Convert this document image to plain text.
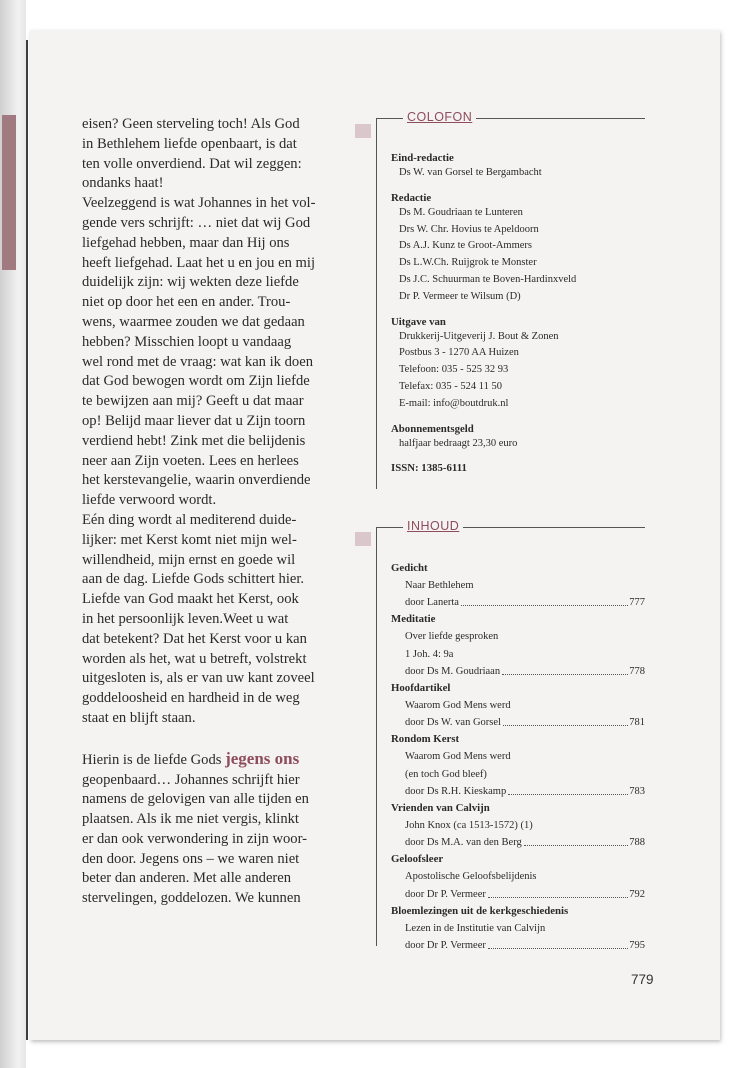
eisen? Geen sterveling toch! Als God
in Bethlehem liefde openbaart, is dat
ten volle onverdiend. Dat wil zeggen:
ondanks haat!
Veelzeggend is wat Johannes in het vol-
gende vers schrijft: … niet dat wij God
liefgehad hebben, maar dan Hij ons
heeft liefgehad. Laat het u en jou en mij
duidelijk zijn: wij wekten deze liefde
niet op door het een en ander. Trou-
wens, waarmee zouden we dat gedaan
hebben? Misschien loopt u vandaag
wel rond met de vraag: wat kan ik doen
dat God bewogen wordt om Zijn liefde
te bewijzen aan mij? Geeft u dat maar
op! Belijd maar liever dat u Zijn toorn
verdiend hebt! Zink met die belijdenis
neer aan Zijn voeten. Lees en herlees
het kerstevangelie, waarin onverdiende
liefde verwoord wordt.
Eén ding wordt al mediterend duide-
lijker: met Kerst komt niet mijn wel-
willendheid, mijn ernst en goede wil
aan de dag. Liefde Gods schittert hier.
Liefde van God maakt het Kerst, ook
in het persoonlijk leven.Weet u wat
dat betekent? Dat het Kerst voor u kan
worden als het, wat u betreft, volstrekt
uitgesloten is, als er van uw kant zoveel
goddeloosheid en hardheid in de weg
staat en blijft staan.
Hierin is de liefde Gods jegens ons
geopenbaard… Johannes schrijft hier
namens de gelovigen van alle tijden en
plaatsen. Als ik me niet vergis, klinkt
er dan ook verwondering in zijn woor-
den door. Jegens ons – we waren niet
beter dan anderen. Met alle anderen
stervelingen, goddelozen. We kunnen
COLOFON
Eind-redactie
Ds W. van Gorsel te Bergambacht
Redactie
Ds M. Goudriaan te Lunteren
Drs W. Chr. Hovius te Apeldoorn
Ds A.J. Kunz te Groot-Ammers
Ds L.W.Ch. Ruijgrok te Monster
Ds J.C. Schuurman te Boven-Hardinxveld
Dr P. Vermeer te Wilsum (D)
Uitgave van
Drukkerij-Uitgeverij J. Bout & Zonen
Postbus 3 - 1270 AA Huizen
Telefoon: 035 - 525 32 93
Telefax: 035 - 524 11 50
E-mail: info@boutdruk.nl
Abonnementsgeld
halfjaar bedraagt 23,30 euro
ISSN: 1385-6111
INHOUD
Gedicht
Naar Bethlehem
door Lanerta	777
Meditatie
Over liefde gesproken
1 Joh. 4: 9a
door Ds M. Goudriaan	778
Hoofdartikel
Waarom God Mens werd
door Ds W. van Gorsel	781
Rondom Kerst
Waarom God Mens werd
(en toch God bleef)
door Ds R.H. Kieskamp	783
Vrienden van Calvijn
John Knox (ca 1513-1572) (1)
door Ds M.A. van den Berg	788
Geloofsleer
Apostolische Geloofsbelijdenis
door Dr P. Vermeer	792
Bloemlezingen uit de kerkgeschiedenis
Lezen in de Institutie van Calvijn
door Dr P. Vermeer	795
779
